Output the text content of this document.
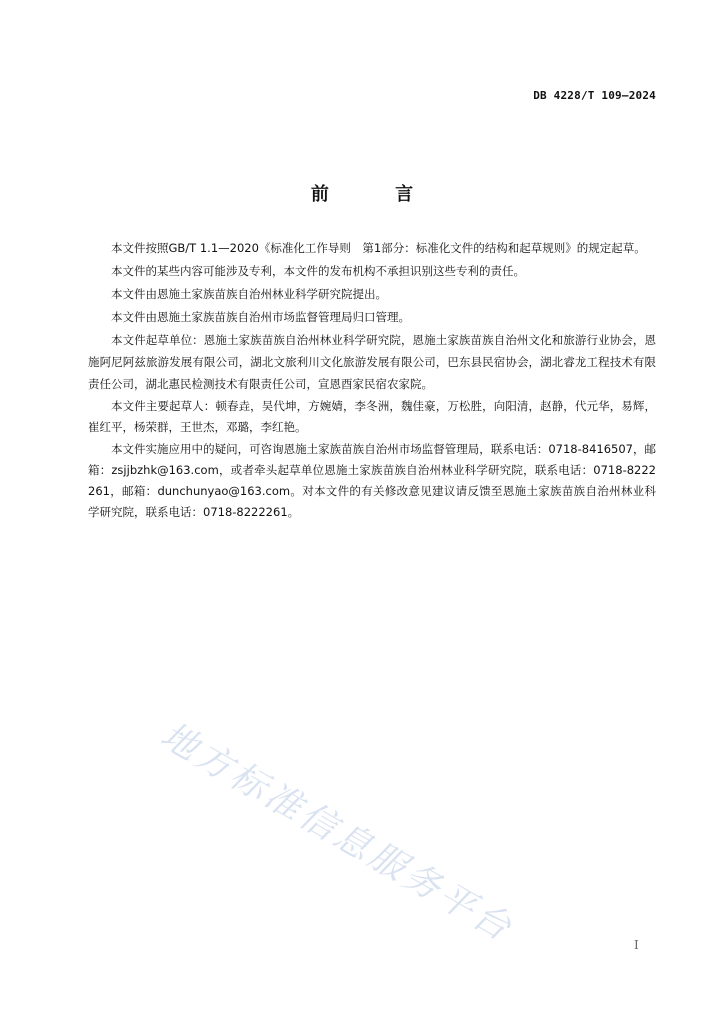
DB 4228/T 109—2024
前 言

本文件按照GB/T 1.1—2020《标准化工作导则　第1部分：标准化文件的结构和起草规则》的规定起草。

本文件的某些内容可能涉及专利，本文件的发布机构不承担识别这些专利的责任。

本文件由恩施土家族苗族自治州林业科学研究院提出。

本文件由恩施土家族苗族自治州市场监督管理局归口管理。

本文件起草单位：恩施土家族苗族自治州林业科学研究院，恩施土家族苗族自治州文化和旅游行业协会，恩施阿尼阿兹旅游发展有限公司，湖北文旅利川文化旅游发展有限公司，巴东县民宿协会，湖北睿龙工程技术有限责任公司，湖北惠民检测技术有限责任公司，宣恩酉家民宿农家院。

本文件主要起草人：顿春垚，吴代坤，方婉婧，李冬洲，魏佳豪，万松胜，向阳清，赵静，代元华，易辉，崔红平，杨荣群，王世杰，邓璐，李红艳。

本文件实施应用中的疑问，可咨询恩施土家族苗族自治州市场监督管理局，联系电话：0718-8416507，邮箱：zsjjbzhk@163.com，或者牵头起草单位恩施土家族苗族自治州林业科学研究院，联系电话：0718-8222261，邮箱：dunchunyao@163.com。对本文件的有关修改意见建议请反馈至恩施土家族苗族自治州林业科学研究院，联系电话：0718-8222261。

地方标准信息服务平台	I
